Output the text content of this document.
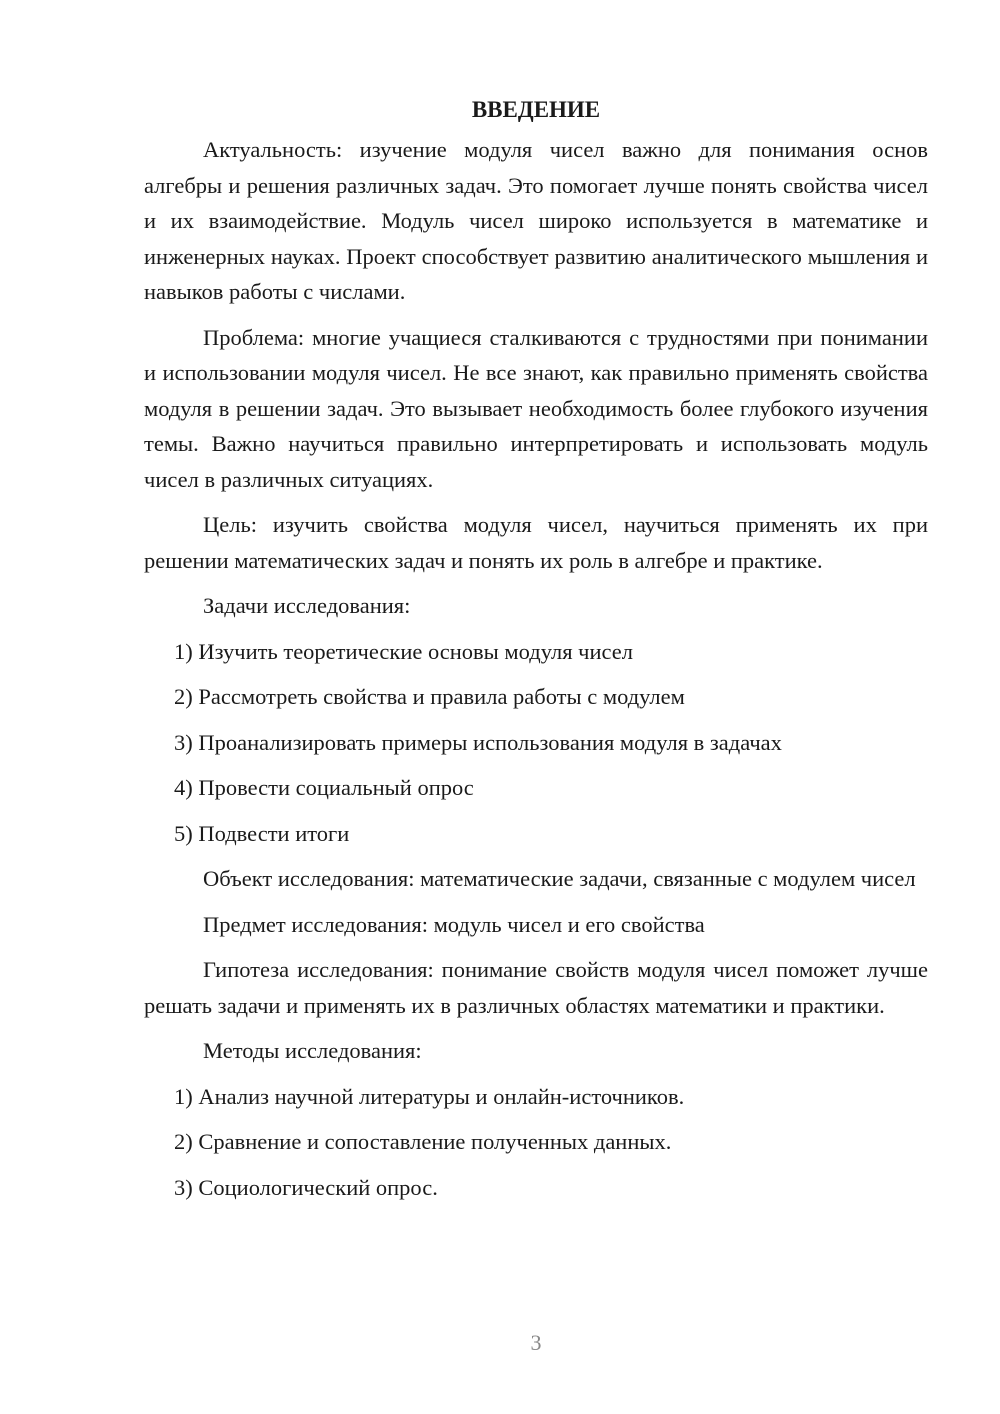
ВВЕДЕНИЕ

Актуальность: изучение модуля чисел важно для понимания основ алгебры и решения различных задач. Это помогает лучше понять свойства чисел и их взаимодействие. Модуль чисел широко используется в математике и инженерных науках. Проект способствует развитию аналитического мышления и навыков работы с числами.

Проблема: многие учащиеся сталкиваются с трудностями при понимании и использовании модуля чисел. Не все знают, как правильно применять свойства модуля в решении задач. Это вызывает необходимость более глубокого изучения темы. Важно научиться правильно интерпретировать и использовать модуль чисел в различных ситуациях.

Цель: изучить свойства модуля чисел, научиться применять их при решении математических задач и понять их роль в алгебре и практике.

Задачи исследования:

1) Изучить теоретические основы модуля чисел

2) Рассмотреть свойства и правила работы с модулем

3) Проанализировать примеры использования модуля в задачах

4) Провести социальный опрос

5) Подвести итоги

Объект исследования: математические задачи, связанные с модулем чисел

Предмет исследования: модуль чисел и его свойства

Гипотеза исследования: понимание свойств модуля чисел поможет лучше решать задачи и применять их в различных областях математики и практики.

Методы исследования:

1) Анализ научной литературы и онлайн-источников.

2) Сравнение и сопоставление полученных данных.

3) Социологический опрос.

3
